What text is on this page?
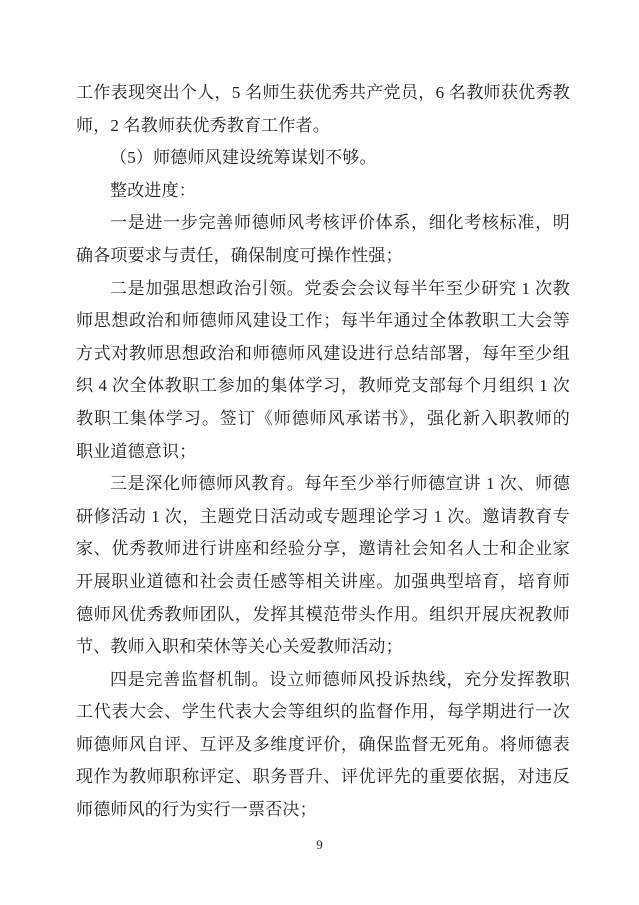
工作表现突出个人，5 名师生获优秀共产党员，6 名教师获优秀教
师，2 名教师获优秀教育工作者。
（5）师德师风建设统筹谋划不够。
整改进度：
一是进一步完善师德师风考核评价体系，细化考核标准，明
确各项要求与责任，确保制度可操作性强；
二是加强思想政治引领。党委会会议每半年至少研究 1 次教
师思想政治和师德师风建设工作；每半年通过全体教职工大会等
方式对教师思想政治和师德师风建设进行总结部署，每年至少组
织 4 次全体教职工参加的集体学习，教师党支部每个月组织 1 次
教职工集体学习。签订《师德师风承诺书》，强化新入职教师的
职业道德意识；
三是深化师德师风教育。每年至少举行师德宣讲 1 次、师德
研修活动 1 次，主题党日活动或专题理论学习 1 次。邀请教育专
家、优秀教师进行讲座和经验分享，邀请社会知名人士和企业家
开展职业道德和社会责任感等相关讲座。加强典型培育，培育师
德师风优秀教师团队，发挥其模范带头作用。组织开展庆祝教师
节、教师入职和荣休等关心关爱教师活动；
四是完善监督机制。设立师德师风投诉热线，充分发挥教职
工代表大会、学生代表大会等组织的监督作用，每学期进行一次
师德师风自评、互评及多维度评价，确保监督无死角。将师德表
现作为教师职称评定、职务晋升、评优评先的重要依据，对违反
师德师风的行为实行一票否决；
9
